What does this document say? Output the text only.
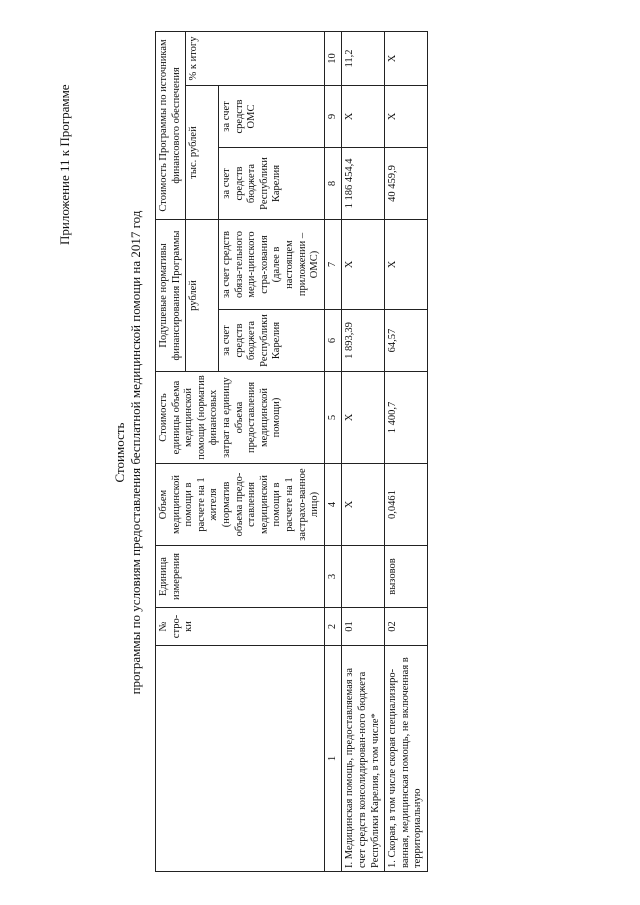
Приложение 11 к Программе
Стоимость программы по условиям предоставления бесплатной медицинской помощи на 2017 год
	№ стро-ки	Единица измерения	Объем медицинской помощи в расчете на 1 жителя (норматив объема предо-ставления медицинской помощи в расчете на 1 застрахо-ванное лицо)	Стоимость единицы объема медицинской помощи (норматив финансовых затрат на единицу объема предоставления медицинской помощи)	Подушевые нормативы финансирования Программы		Стоимость Программы по источникам финансового обеспечения		
					рублей		тыс. рублей		% к итогу
					за счет средств бюджета Республики Карелия	за счет средств обяза-тельного меди-цинского стра-хования (далее в настоящем приложении – ОМС)	за счет средств бюджета Республики Карелия	за счет средств ОМС	
1	2	3	4	5	6	7	8	9	10
I. Медицинская помощь, предоставляемая за счет средств консолидирован-ного бюджета Республики Карелия, в том числе*	01		X	X	1 893,39	X	1 186 454,4	X	11,2
1. Скорая, в том числе скорая специализиро-ванная, медицинская помощь, не включенная в территориальную	02	вызовов	0,0461	1 400,7	64,57	X	40 459,9	X	X
